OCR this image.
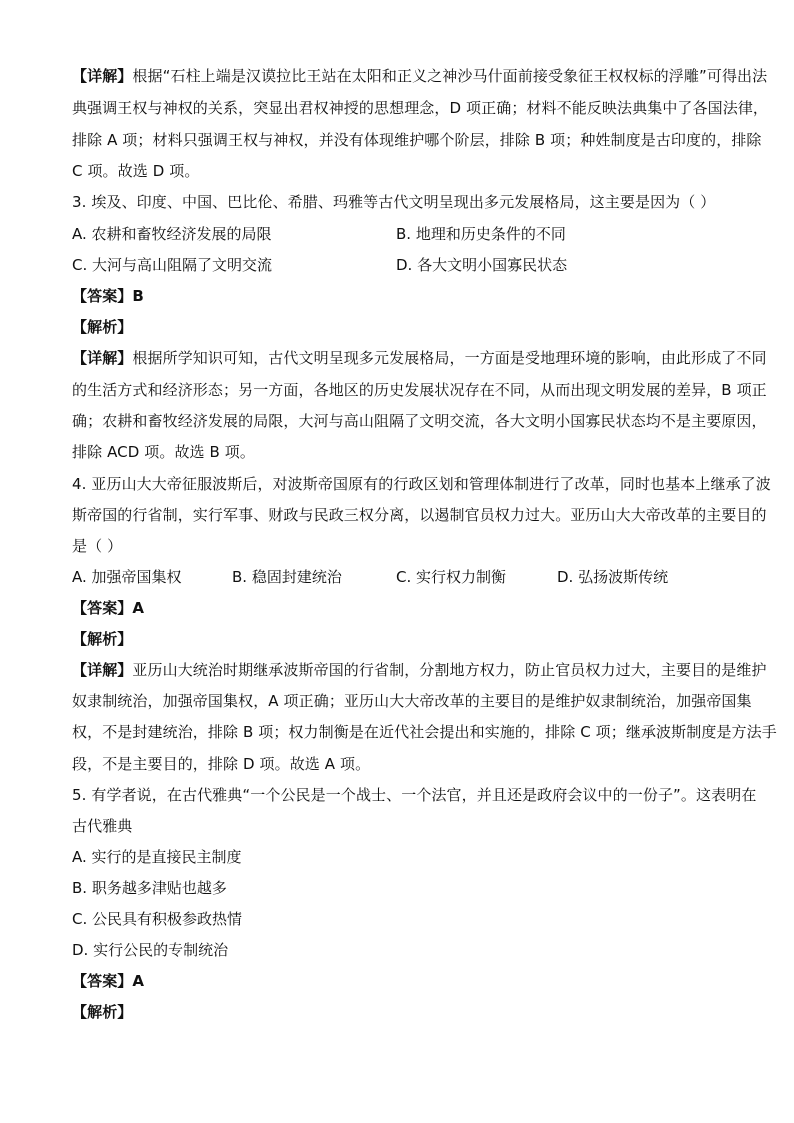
【详解】根据“石柱上端是汉谟拉比王站在太阳和正义之神沙马什面前接受象征王权权标的浮雕”可得出法
典强调王权与神权的关系，突显出君权神授的思想理念，D 项正确；材料不能反映法典集中了各国法律，
排除 A 项；材料只强调王权与神权，并没有体现维护哪个阶层，排除 B 项；种姓制度是古印度的，排除
C 项。故选 D 项。
3. 埃及、印度、中国、巴比伦、希腊、玛雅等古代文明呈现出多元发展格局，这主要是因为（ ）
A. 农耕和畜牧经济发展的局限	B. 地理和历史条件的不同
C. 大河与高山阻隔了文明交流	D. 各大文明小国寡民状态
【答案】B
【解析】
【详解】根据所学知识可知，古代文明呈现多元发展格局，一方面是受地理环境的影响，由此形成了不同
的生活方式和经济形态；另一方面，各地区的历史发展状况存在不同，从而出现文明发展的差异，B 项正
确；农耕和畜牧经济发展的局限，大河与高山阻隔了文明交流，各大文明小国寡民状态均不是主要原因，
排除 ACD 项。故选 B 项。
4. 亚历山大大帝征服波斯后，对波斯帝国原有的行政区划和管理体制进行了改革，同时也基本上继承了波
斯帝国的行省制，实行军事、财政与民政三权分离，以遏制官员权力过大。亚历山大大帝改革的主要目的
是（ ）
A. 加强帝国集权	B. 稳固封建统治	C. 实行权力制衡	D. 弘扬波斯传统
【答案】A
【解析】
【详解】亚历山大统治时期继承波斯帝国的行省制，分割地方权力，防止官员权力过大，主要目的是维护
奴隶制统治，加强帝国集权，A 项正确；亚历山大大帝改革的主要目的是维护奴隶制统治，加强帝国集
权，不是封建统治，排除 B 项；权力制衡是在近代社会提出和实施的，排除 C 项；继承波斯制度是方法手
段，不是主要目的，排除 D 项。故选 A 项。
5. 有学者说，在古代雅典“一个公民是一个战士、一个法官，并且还是政府会议中的一份子”。这表明在
古代雅典
A. 实行的是直接民主制度
B. 职务越多津贴也越多
C. 公民具有积极参政热情
D. 实行公民的专制统治
【答案】A
【解析】
